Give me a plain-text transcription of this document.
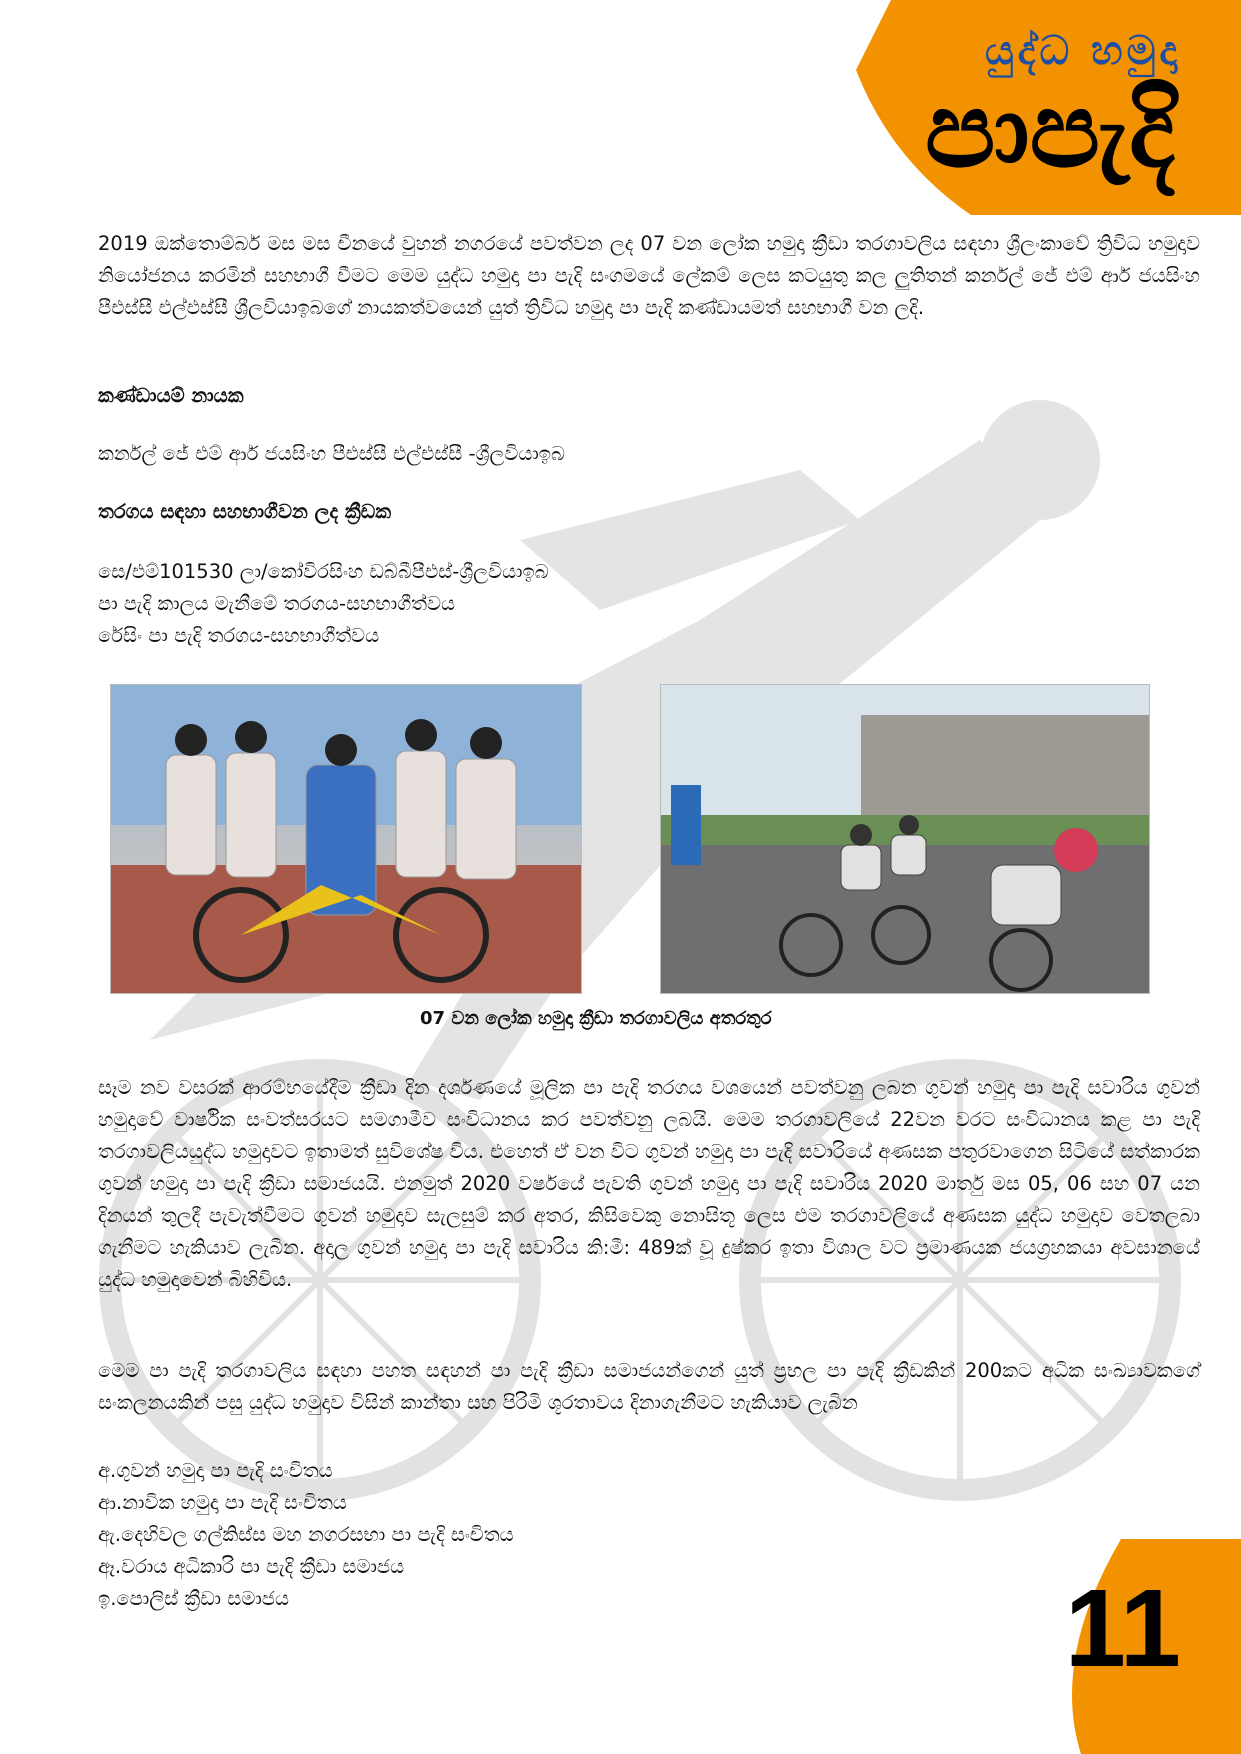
යුද්ධ හමුදා
පාපැදි
11

2019 ඔක්තොම්බර් මස මස චීනයේ වුහන් නගරයේ පවත්වන ලද 07 වන ලෝක හමුදා ක්‍රීඩා තරගාවලිය සඳහා ශ්‍රීලංකාවේ ත්‍රිවිධ හමුදාව නියෝජනය කරමින් සහභාගී වීමට මෙම යුද්ධ හමුදා පා පැදි සංගමයේ ලේකම් ලෙස කටයුතු කල ලුතිතන් කර්නල් ජේ එම් ආර් ජයසිංහ පීඑස්සී එල්එස්සී ශ්‍රීලවියාඉබගේ නායකත්වයෙන් යුත් ත්‍රිවිධ හමුදා පා පැදි කණ්ඩායමත් සහභාගී වන ලදි.

කණ්ඩායම් නායක

කර්නල් ජේ එම් ආර් ජයසිංහ පීඑස්සී එල්එස්සී -ශ්‍රීලවියාඉබ

තරගය සඳහා සහභාගීවන ලද ක්‍රීඩක

සෙ/එම්101530 ලා/කෝවිරසිංහ ඩබ්බීපීඑස්-ශ්‍රීලවියාඉබ
පා පැදි කාලය මැනීමේ තරගය-සහභාගීත්වය
රේසිං පා පැදි තරගය-සහභාගීත්වය

සෑම නව වසරක් ආරම්භයේදීම ක්‍රීඩා දින දර්ශණයේ මූලික පා පැදි තරගය වශයෙන් පවත්වනු ලබන ගුවන් හමුදා පා පැදි සවාරිය ගුවන් හමුදාවේ වාර්ෂික සංවත්සරයට සමගාමීව සංවිධානය කර පවත්වනු ලබයි. මෙම තරගාවලියේ 22වන වරට සංවිධානය කළ පා පැදි තරගාවලියයුද්ධ හමුදාවට ඉතාමත් සුවිශේෂ විය. එහෙත් ඒ වන විට ගුවන් හමුදා පා පැදි සවාරියේ අණසක පතුරවාගෙන සිටියේ සත්කාරක ගුවන් හමුදා පා පැදි ක්‍රීඩා සමාජයයි. එනමුත් 2020 වර්ෂයේ පැවති ගුවන් හමුදා පා පැදි සවාරිය 2020 මාර්තු මස 05, 06 සහ 07 යන දිනයන් තුලදී පැවැත්වීමට ගුවන් හමුදාව සැලසුම් කර අතර, කිසිවෙකු නොසිතූ ලෙස එම තරගාවලියේ අණසක යුද්ධ හමුදාව වෙතලබා ගැනීමට හැකියාව ලැබින. අදාල ගුවන් හමුදා පා පැදි සවාරිය කි:මී: 489ක් වූ දුෂ්කර ඉතා විශාල වට ප්‍රමාණයක ජයග්‍රහකයා අවසානයේ යුද්ධ හමුදාවෙන් බිහිවිය.

මෙම පා පැදි තරගාවලිය සඳහා පහත සඳහන් පා පැදි ක්‍රීඩා සමාජයන්ගෙන් යුත් ප්‍රභල පා පැදි ක්‍රීඩකින් 200කට අධික සංඛ්‍යාවකගේ සංකලනයකින් පසු යුද්ධ හමුදාව විසින් කාන්තා සහ පිරිමි ශූරතාවය දිනාගැනීමට හැකියාව ලැබින

අ.ගුවන් හමුදා පා පැදි සංචිතය
ආ.නාවික හමුදා පා පැදි සංචිතය
ඇ.දෙහිවල ගල්කිස්ස මහ නගරසභා පා පැදි සංචිතය
ඈ.වරාය අධිකාරි පා පැදි ක්‍රීඩා සමාජය
ඉ.පොලිස් ක්‍රීඩා සමාජය
07 වන ලෝක හමුදා ක්‍රීඩා තරගාවලිය අතරතුර
